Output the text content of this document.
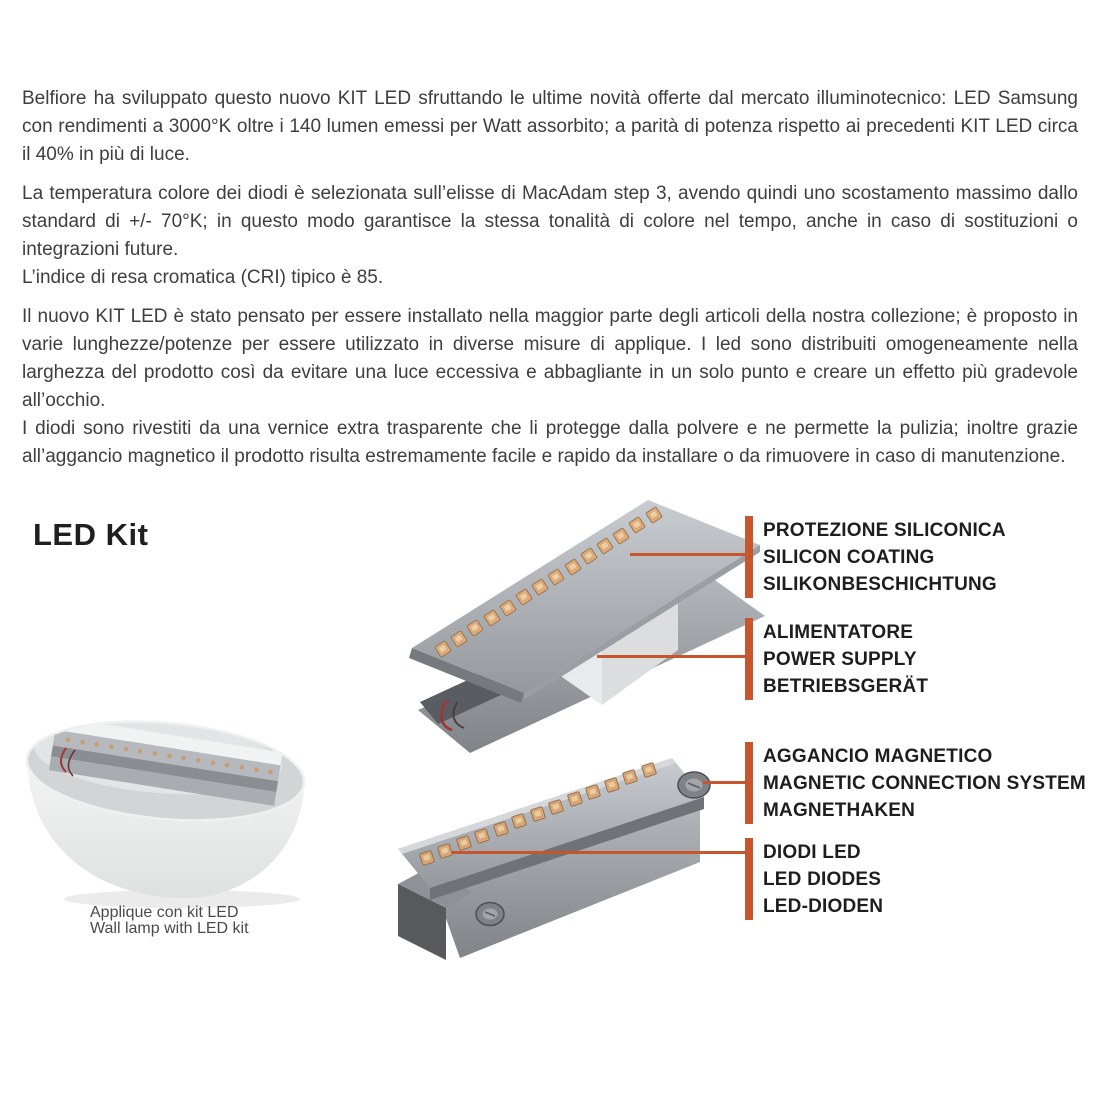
Belfiore ha sviluppato questo nuovo KIT LED sfruttando le ultime novità offerte dal mercato illuminotecnico: LED Samsung con rendimenti a 3000°K oltre i 140 lumen emessi per Watt assorbito; a parità di potenza rispetto ai precedenti KIT LED circa il 40% in più di luce.

La temperatura colore dei diodi è selezionata sull’elisse di MacAdam step 3, avendo quindi uno scostamento massimo dallo standard di +/- 70°K; in questo modo garantisce la stessa tonalità di colore nel tempo, anche in caso di sostituzioni o integrazioni future.

L’indice di resa cromatica (CRI) tipico è 85.

Il nuovo KIT LED è stato pensato per essere installato nella maggior parte degli articoli della nostra collezione; è proposto in varie lunghezze/potenze per essere utilizzato in diverse misure di applique. I led sono distribuiti omogeneamente nella larghezza del prodotto così da evitare una luce eccessiva e abbagliante in un solo punto e creare un effetto più gradevole all’occhio.

I diodi sono rivestiti da una vernice extra trasparente che li protegge dalla polvere e ne permette la pulizia; inoltre grazie all’aggancio magnetico il prodotto risulta estremamente facile e rapido da installare o da rimuovere in caso di manutenzione.

LED Kit	PROTEZIONE SILICONICA
SILICON COATING
SILIKONBESCHICHTUNG
ALIMENTATORE
POWER SUPPLY
BETRIEBSGERÄT
AGGANCIO MAGNETICO
MAGNETIC CONNECTION SYSTEM
MAGNETHAKEN
DIODI LED
LED DIODES
LED-DIODEN
Applique con kit LED
Wall lamp with LED kit
